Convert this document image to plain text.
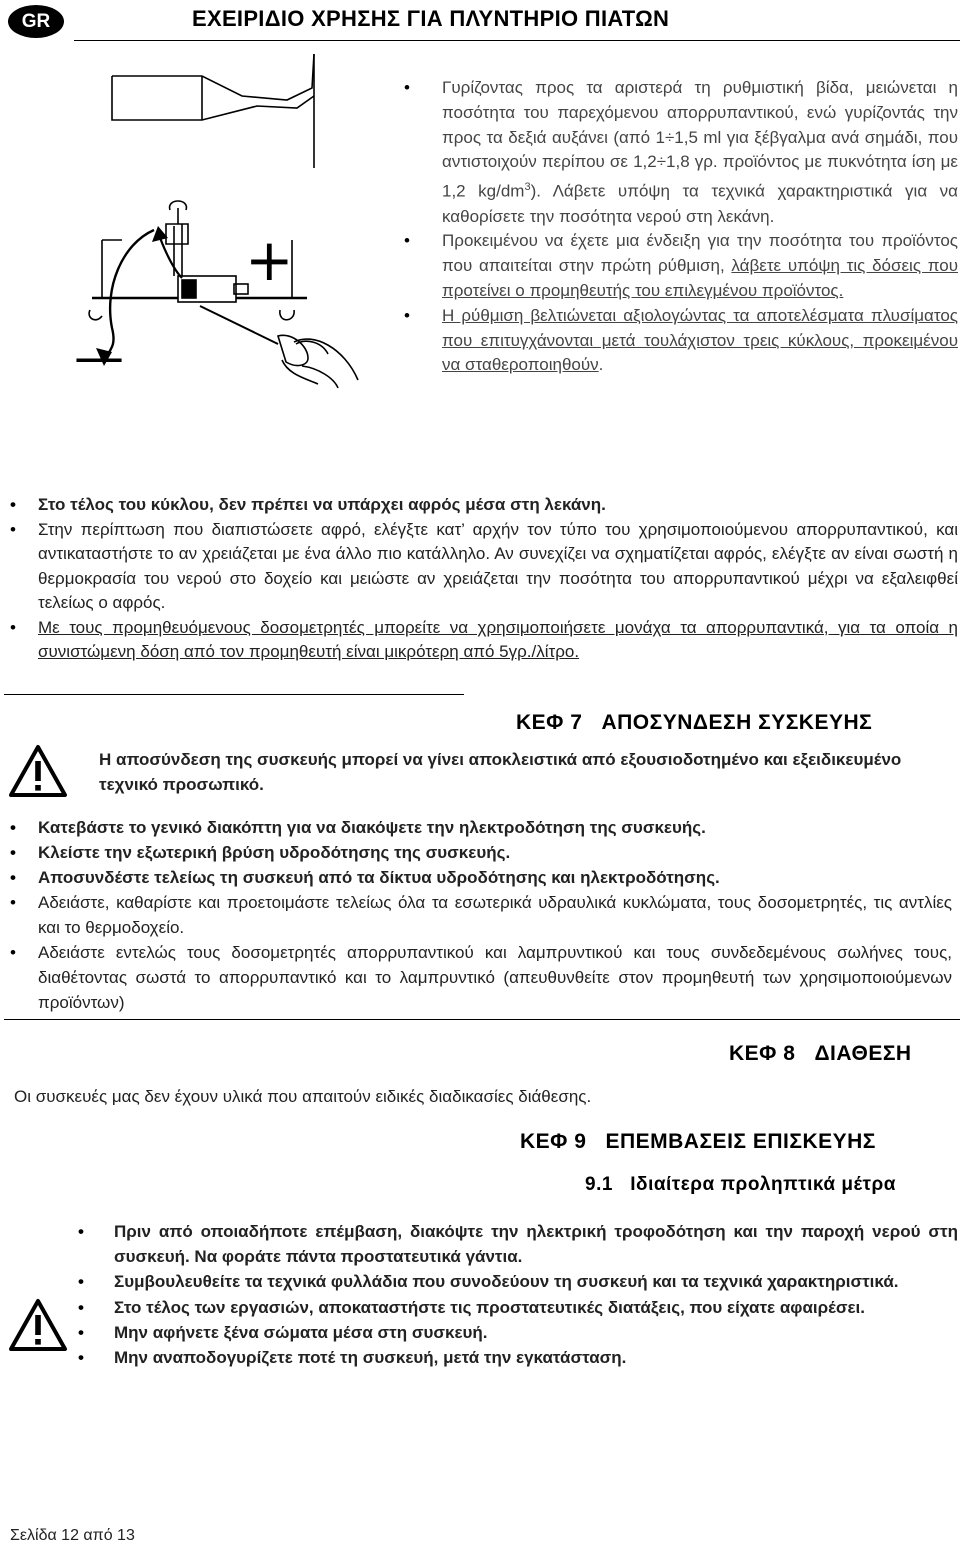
GR	ΕΧΕΙΡΙΔΙΟ ΧΡΗΣΗΣ ΓΙΑ ΠΛΥΝΤΗΡΙΟ ΠΙΑΤΩΝ
+
—
• Γυρίζοντας προς τα αριστερά τη ρυθμιστική βίδα, μειώνεται η ποσότητα του παρεχόμενου απορρυπαντικού, ενώ γυρίζοντάς την προς τα δεξιά αυξάνει (από 1÷1,5 ml για ξέβγαλμα ανά σημάδι, που αντιστοιχούν περίπου σε 1,2÷1,8 γρ. προϊόντος με πυκνότητα ίση με 1,2 $kg/dm^3$). Λάβετε υπόψη τα τεχνικά χαρακτηριστικά για να καθορίσετε την ποσότητα νερού στη λεκάνη.
• Προκειμένου να έχετε μια ένδειξη για την ποσότητα του προϊόντος που απαιτείται στην πρώτη ρύθμιση, λάβετε υπόψη τις δόσεις που προτείνει ο προμηθευτής του επιλεγμένου προϊόντος.
• Η ρύθμιση βελτιώνεται αξιολογώντας τα αποτελέσματα πλυσίματος που επιτυγχάνονται μετά τουλάχιστον τρεις κύκλους, προκειμένου να σταθεροποιηθούν.
• Στο τέλος του κύκλου, δεν πρέπει να υπάρχει αφρός μέσα στη λεκάνη.
• Στην περίπτωση που διαπιστώσετε αφρό, ελέγξτε κατ’ αρχήν τον τύπο του χρησιμοποιούμενου απορρυπαντικού, και αντικαταστήστε το αν χρειάζεται με ένα άλλο πιο κατάλληλο. Αν συνεχίζει να σχηματίζεται αφρός, ελέγξτε αν είναι σωστή η θερμοκρασία του νερού στο δοχείο και μειώστε αν χρειάζεται την ποσότητα του απορρυπαντικού μέχρι να εξαλειφθεί τελείως ο αφρός.
• Με τους προμηθευόμενους δοσομετρητές μπορείτε να χρησιμοποιήσετε μονάχα τα απορρυπαντικά, για τα οποία η συνιστώμενη δόση από τον προμηθευτή είναι μικρότερη από 5γρ./λίτρο.
ΚΕΦ 7 ΑΠΟΣΥΝΔΕΣΗ ΣΥΣΚΕΥΗΣ
Η αποσύνδεση της συσκευής μπορεί να γίνει αποκλειστικά από εξουσιοδοτημένο και εξειδικευμένο τεχνικό προσωπικό.
• Κατεβάστε το γενικό διακόπτη για να διακόψετε την ηλεκτροδότηση της συσκευής.
• Κλείστε την εξωτερική βρύση υδροδότησης της συσκευής.
• Αποσυνδέστε τελείως τη συσκευή από τα δίκτυα υδροδότησης και ηλεκτροδότησης.
• Αδειάστε, καθαρίστε και προετοιμάστε τελείως όλα τα εσωτερικά υδραυλικά κυκλώματα, τους δοσομετρητές, τις αντλίες και το θερμοδοχείο.
• Αδειάστε εντελώς τους δοσομετρητές απορρυπαντικού και λαμπρυντικού και τους συνδεδεμένους σωλήνες τους, διαθέτοντας σωστά το απορρυπαντικό και το λαμπρυντικό (απευθυνθείτε στον προμηθευτή των χρησιμοποιούμενων προϊόντων)
ΚΕΦ 8 ΔΙΑΘΕΣΗ
Οι συσκευές μας δεν έχουν υλικά που απαιτούν ειδικές διαδικασίες διάθεσης.
ΚΕΦ 9 ΕΠΕΜΒΑΣΕΙΣ ΕΠΙΣΚΕΥΗΣ
9.1 Ιδιαίτερα προληπτικά μέτρα
• Πριν από οποιαδήποτε επέμβαση, διακόψτε την ηλεκτρική τροφοδότηση και την παροχή νερού στη συσκευή. Να φοράτε πάντα προστατευτικά γάντια.
• Συμβουλευθείτε τα τεχνικά φυλλάδια που συνοδεύουν τη συσκευή και τα τεχνικά χαρακτηριστικά.
• Στο τέλος των εργασιών, αποκαταστήστε τις προστατευτικές διατάξεις, που είχατε αφαιρέσει.
• Μην αφήνετε ξένα σώματα μέσα στη συσκευή.
• Μην αναποδογυρίζετε ποτέ τη συσκευή, μετά την εγκατάσταση.
Σελίδα 12 από 13
